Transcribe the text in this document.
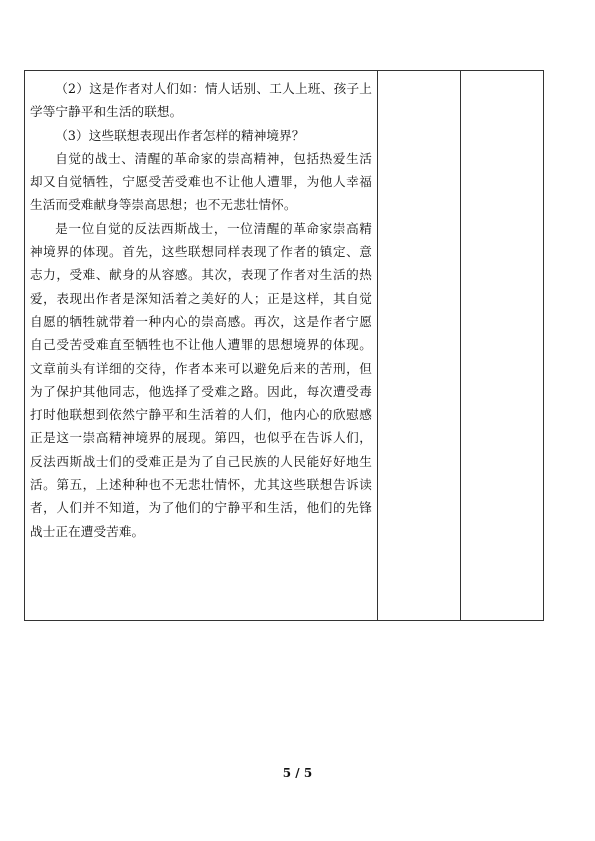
（2）这是作者对人们如：情人话别、工人上班、孩子上学等宁静平和生活的联想。

（3）这些联想表现出作者怎样的精神境界？

自觉的战士、清醒的革命家的崇高精神，包括热爱生活却又自觉牺牲，宁愿受苦受难也不让他人遭罪，为他人幸福生活而受难献身等崇高思想；也不无悲壮情怀。

是一位自觉的反法西斯战士，一位清醒的革命家崇高精神境界的体现。首先，这些联想同样表现了作者的镇定、意志力，受难、献身的从容感。其次，表现了作者对生活的热爱，表现出作者是深知活着之美好的人；正是这样，其自觉自愿的牺牲就带着一种内心的崇高感。再次，这是作者宁愿自己受苦受难直至牺牲也不让他人遭罪的思想境界的体现。文章前头有详细的交待，作者本来可以避免后来的苦刑，但为了保护其他同志，他选择了受难之路。因此，每次遭受毒打时他联想到依然宁静平和生活着的人们，他内心的欣慰感正是这一崇高精神境界的展现。第四，也似乎在告诉人们，反法西斯战士们的受难正是为了自己民族的人民能好好地生活。第五，上述种种也不无悲壮情怀，尤其这些联想告诉读者，人们并不知道，为了他们的宁静平和生活，他们的先锋战士正在遭受苦难。

5 / 5
